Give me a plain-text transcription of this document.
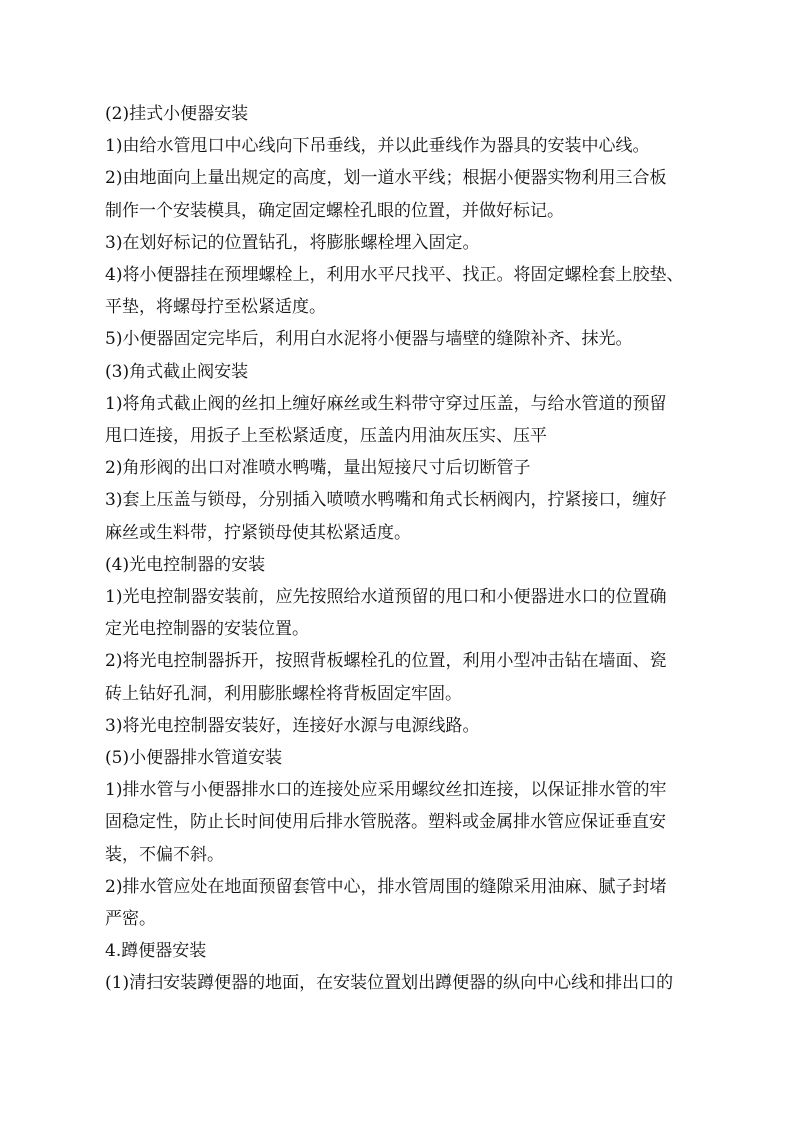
(2)挂式小便器安装

1)由给水管甩口中心线向下吊垂线，并以此垂线作为器具的安装中心线。

2)由地面向上量出规定的高度，划一道水平线；根据小便器实物利用三合板

制作一个安装模具，确定固定螺栓孔眼的位置，并做好标记。

3)在划好标记的位置钻孔，将膨胀螺栓埋入固定。

4)将小便器挂在预埋螺栓上，利用水平尺找平、找正。将固定螺栓套上胶垫、

平垫，将螺母拧至松紧适度。

5)小便器固定完毕后，利用白水泥将小便器与墙壁的缝隙补齐、抹光。

(3)角式截止阀安装

1)将角式截止阀的丝扣上缠好麻丝或生料带守穿过压盖，与给水管道的预留

甩口连接，用扳子上至松紧适度，压盖内用油灰压实、压平

2)角形阀的出口对准喷水鸭嘴，量出短接尺寸后切断管子

3)套上压盖与锁母，分别插入喷喷水鸭嘴和角式长柄阀内，拧紧接口，缠好

麻丝或生料带，拧紧锁母使其松紧适度。

(4)光电控制器的安装

1)光电控制器安装前，应先按照给水道预留的甩口和小便器进水口的位置确

定光电控制器的安装位置。

2)将光电控制器拆开，按照背板螺栓孔的位置，利用小型冲击钻在墙面、瓷

砖上钻好孔洞，利用膨胀螺栓将背板固定牢固。

3)将光电控制器安装好，连接好水源与电源线路。

(5)小便器排水管道安装

1)排水管与小便器排水口的连接处应采用螺纹丝扣连接，以保证排水管的牢

固稳定性，防止长时间使用后排水管脱落。塑料或金属排水管应保证垂直安

装，不偏不斜。

2)排水管应处在地面预留套管中心，排水管周围的缝隙采用油麻、腻子封堵

严密。

4.蹲便器安装

(1)清扫安装蹲便器的地面，在安装位置划出蹲便器的纵向中心线和排出口的
